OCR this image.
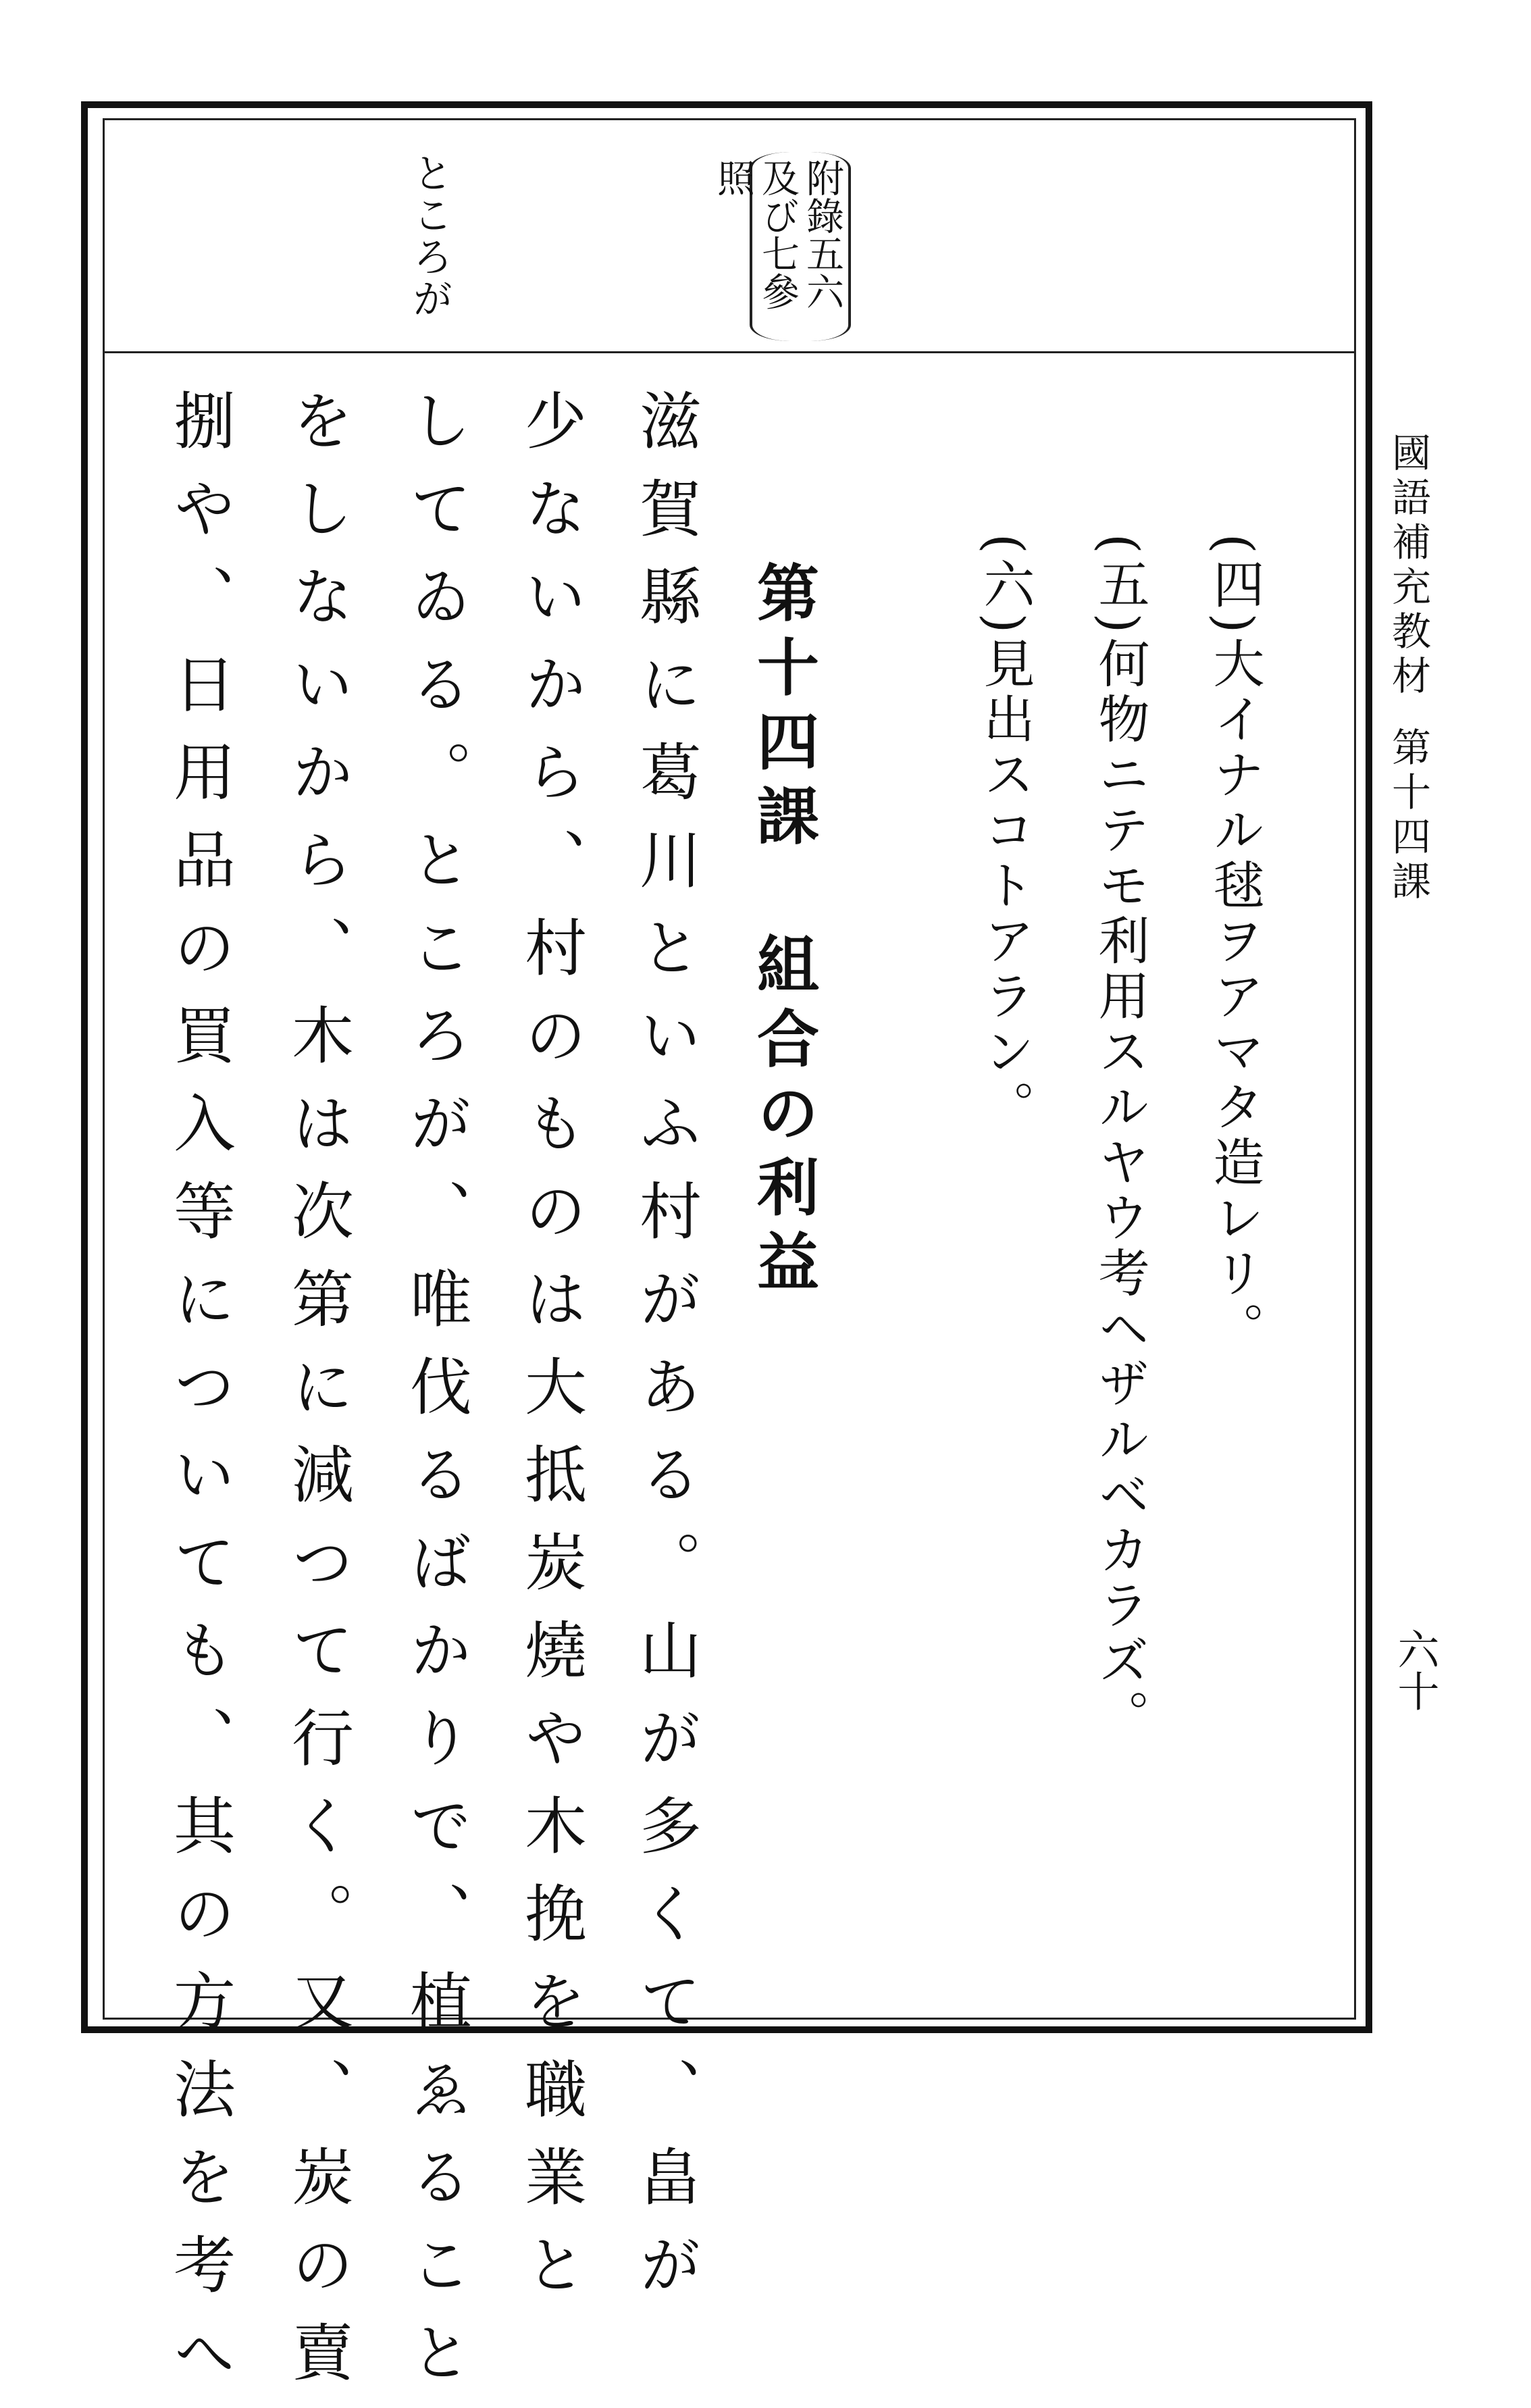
ところが	附錄五六及び七參照
國語補充教材第十四課
六十
(四)大イナル毬ヲアマタ造レリ。
(五)何物ニテモ利用スルヤウ考ヘザルベカラズ。
(六)見出スコトアラン。
第十四課組合の利益
滋賀縣に葛川といふ村がある。山が多くて、畠が
少ないから、村のものは大抵炭燒や木挽を職業と
してゐる。ところが、唯伐るばかりで、植ゑること
をしないから、木は次第に減つて行く。又、炭の賣
捌や、日用品の買入等についても、其の方法を考へ
